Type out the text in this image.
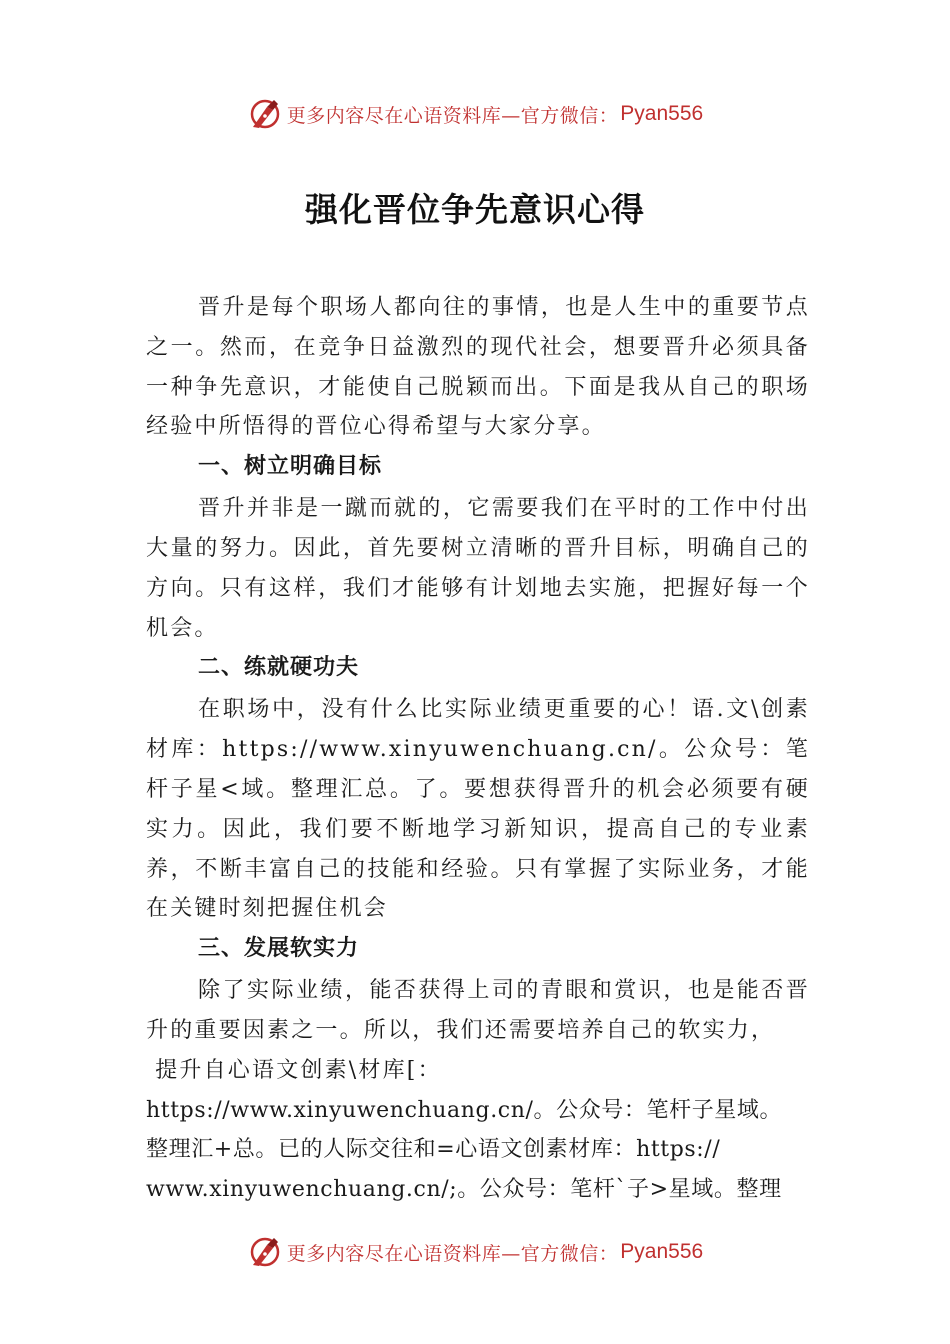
更多内容尽在心语资料库—官方微信： Pyan556
强化晋位争先意识心得

晋升是每个职场人都向往的事情，也是人生中的重要节点之一。然而，在竞争日益激烈的现代社会，想要晋升必须具备一种争先意识，才能使自己脱颖而出。下面是我从自己的职场经验中所悟得的晋位心得希望与大家分享。

一、树立明确目标

晋升并非是一蹴而就的，它需要我们在平时的工作中付出大量的努力。因此，首先要树立清晰的晋升目标，明确自己的方向。只有这样，我们才能够有计划地去实施，把握好每一个机会。

二、练就硬功夫

在职场中，没有什么比实际业绩更重要的心！语.文\创素材库：https://www.xinyuwenchuang.cn/。公众号：笔杆子星<域。整理汇总。了。要想获得晋升的机会必须要有硬实力。因此，我们要不断地学习新知识，提高自己的专业素养，不断丰富自己的技能和经验。只有掌握了实际业务，才能在关键时刻把握住机会

三、发展软实力

除了实际业绩，能否获得上司的青眼和赏识，也是能否晋升的重要因素之一。所以，我们还需要培养自己的软实力，

提升自心语文创素\材库[：

https://www.xinyuwenchuang.cn/。公众号：笔杆子星域。

整理汇+总。已的人际交往和=心语文创素材库：https://

www.xinyuwenchuang.cn/;。公众号：笔杆`子>星域。整理

更多内容尽在心语资料库—官方微信： Pyan556
